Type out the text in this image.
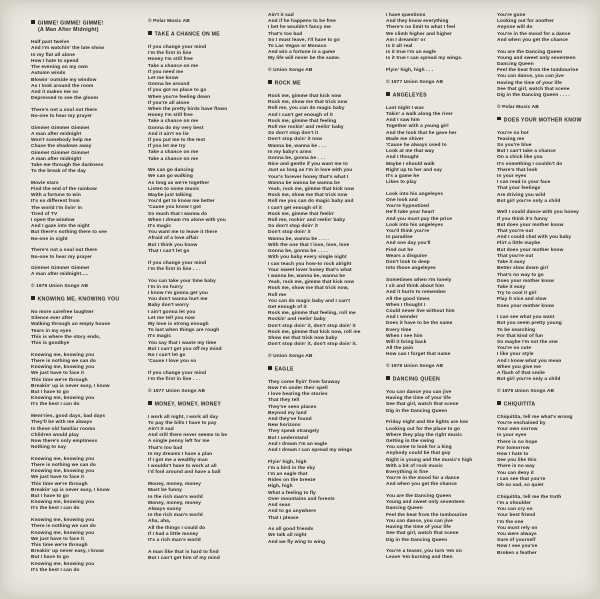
GIMME! GIMME! GIMME!
(A Man After Midnight)
Half past twelve
And I'm watchin' the late show
In my flat all alone
How I hate to spend
The evening on my own
Autumn winds
Blowin' outside my window
As I look around the room
And it makes me so
Depressed to see the gloom
There's not a soul out there
No-one to hear my prayer
Gimme! Gimme! Gimme!
A man after midnight
Won't somebody help me
Chase the shadows away
Gimme! Gimme! Gimme!
A man after midnight
Take me through the darkness
To the break of the day
Movie stars
Find the end of the rainbow
With a fortune to win
It's so different from
The world I'm livin' in
Tired of TV
I open the window
And I gaze into the night
But there's nothing there to see
No-one in sight
There's not a soul out there
No-one to hear my prayer
Gimme! Gimme! Gimme!
A man after midnight.....
© 1979 Union Songs AB
KNOWING ME, KNOWING YOU
No more carefree laughter
Silence ever after
Walking through an empty house
Tears in my eyes
This is where the story ends,
This is goodbye
Knowing me, knowing you
There is nothing we can do
Knowing me, knowing you
We just have to face it
This time we're through
Breakin' up is never easy, I know
But I have to go
Knowing me, knowing you
It's the best I can do
Mem'ries, good days, bad days
They'll be with me always
In these old familiar rooms
Children would play
Now there's only emptiness
Nothing to say
Knowing me, knowing you
There is nothing we can do
Knowing me, knowing you
We just have to face it
This time we're through
Breakin' up is never easy, I know
But I have to go
Knowing me, knowing you
It's the best I can do
Knowing me, knowing you
There is nothing we can do
Knowing me, knowing you
We just have to face it
This time we're through
Breakin' up never easy, I know
But I have to go
Knowing me, knowing you
It's the best I can do
© Polar Music AB
TAKE A CHANCE ON ME
If you change your mind
I'm the first in line
Honey I'm still free
Take a chance on me
If you need me
Let me know
Gonna be around
If you got no place to go
When you're feeling down
If you're all alone
When the pretty birds have flown
Honey I'm still free
Take a chance on me
Gonna do my very best
And it ain't no lie
If you put me to the test
If you let me try
Take a chance on me
Take a chance on me
We can go dancing
We can go walking
As long as we're together
Listen to some music
Maybe just talking
You'd get to know me better
'Cause you know I got
So much that I wanna do
When I dream I'm alone with you
It's magic
You want me to leave it there
Afraid of a love affair
But I think you know
That I can't let go
If you change your mind
I'm the first in line . . .
You can take your time baby
I'm in no hurry
I know I'm gonna get you
You don't wanna hurt me
Baby don't worry
I ain't gonna let you
Let me tell you now
My love is strong enough
To last when things are rough
It's magic
You say that I waste my time
But I can't get you off my mind
No I can't let go
'Cause I love you so
If you change your mind
I'm the first in line . . .
© 1977 Union Songs AB
MONEY, MONEY, MONEY
I work all night, I work all day
To pay the bills I have to pay
Ain't it sad
And still there never seems to be
A single penny left for me
That's too bad
In my dreams I have a plan
If I got me a wealthy man
I wouldn't have to work at all
I'd fool around and have a ball
Money, money, money
Must be funny
In the rich man's world
Money, money, money
Always sunny
In the rich man's world
Aha, aha,
All the things I could do
If I had a little money
It's a rich man's world
A man like that is hard to find
But I can't get him of my mind
Ain't it sad
And if he happens to be free
I bet he wouldn't fancy me
That's too bad
So I must leave, I'll have to go
To Las Vegas or Monaco
And win a fortune in a game
My life will never be the same.
© Union Songs AB
ROCK ME
Rock me, gimme that kick now
Rock me, show me that trick now
Roll me, you can do magic baby
And I can't get enough of it
Rock me, gimme that feeling
Roll me rockin' and reelin' baby
So don't stop don't it
Don't stop doin' it now
Wanna be, wanna be . . .
In my baby's arms
Gonna be, gonna be . . .
Nice and gentle if you want me to
Just as long as I'm in love with you
Your's forever honey that's what I
Wanna be wanna be wanna be
Yeah, rock me, gimme that kick now
Rock me, show me that trick now
Roll me you can do magic baby and
I can't get enough of it
Rock me, gimme that feelin'
Roll me, rockin' and reelin' baby
So don't stop doin' it
Don't stop doin' it
Wanna be, wanna be . . . .
With the one that I love, love, love
Gonna be, gonna be . . . .
With you baby every single night
I can teach you how-to rock alright
Your sweet lover honey that's what
I wanna be, wanna be, wanna be
Yeah, rock me, gimme that kick now
Rock me, show me that trick now,
Roll me
You can do magic baby and I can't
Get enough of it
Rock me, gimme that feeling, roll me
Rockin' and reelin' baby
Don't stop doin' it, don't stop doin' it
Rock me, gimme that kick now, roll me
Show me that trick now baby
Don't stop doin' it, don't stop doin' it.
© Union Songs AB
EAGLE
They come flyin' from faraway
Now I'm under their spell
I love hearing the stories
That they tell
They've seen places
Beyond my land
And they've found
New horizons
They speak strangely
But I understand
And I dream I'm an eagle
And I dream I can spread my wings
Flyin' high, high
I'm a bird in the sky
I'm an eagle that
Rides on the breeze
High, high
What a feeling to fly
Over mountains and forests
And seas
And to go anywhere
That I please
As all good friends
We talk all night
And we fly wing to wing
I have questions
And they know everything
There's no limit to what I feel
We climb higher and higher
Am I dreamin' or
Is it all real
Is it true I'm an eagle
Is it true I can spread my wings.
Flyin' high, high . . .
© 1977 Union Songs AB
ANGELEYES
Last night I was
Takin' a walk along the river
And I saw him
Together with a young girl
And the look that he gave her
Made me shiver
'Cause he always used to
Look at me that way
And I thought
Maybe I should walk
Right up to her and say
It's a game he
Likes to play
Look into his angeleyes
One look and
You're hypnotized
He'll take your heart
And you must pay the price
Look into his angeleyes
You'll think you're
In paradise
And one day you'll
Find out he
Wears a disguise
Don't look to deep
Into those angeleyes
Sometimes when I'm lonely
I sit and think about him
And it hurts to remember
All the good times
When I thought I
Could never live without him
And I wonder
Does it have to be the same
Every time
When I see him
Will it bring back
All the pain
How can I forget that name
© 1979 Union Songs AB
DANCING QUEEN
You can dance you can jive
Having the time of your life
See that girl, watch that scene
Dig in the Dancing Queen
Friday night and the lights are low
Looking out for the place to go
Where they play the right music
Getting in the swing
You come to look for a king
Anybody could be that guy
Night is young and the music's high
With a bit of rock music
Everything is fine
You're in the mood for a dance
And when you get the chance
You are the Dancing Queen
Young and sweet only seventeen
Dancing Queen
Feel the beat from the tambourine
You can dance, you can jive
Having the time of your life
See that girl, watch that scene
Dig in the Dancing Queen
You're a teaser, you turn 'em on
Leave 'em burning and then
You're gone
Looking out for another
Anyone will do
You're in the mood for a dance
And when you get the chance
You are the Dancing Queen
Young and sweet only seventeen
Dancing Queen
Feel the beat from the tambourine
You can dance, you can jive
Having the time of your life
See that girl, watch that scene
Dig in the Dancing Queen . . . .
© Polar Music AB
DOES YOUR MOTHER KNOW
You're so hot
Teasing me
So you're blue
But I can't take a chance
On a chick like you
It's something I couldn't do
There's that look
In your eyes
I can read in your face
That your feelings
Are driving you wild
But girl you're only a child
Well I could dance with you honey
If you think it's funny
But does your mother know
That you're out
And I could chat with you baby
Flirt a little maybe
But does your mother know
That you're out
Take it easy
Better slow down girl
That's no way to go
Does your mother know
Take it easy
Try to cool it girl
Play it nice and slow
Does your mother know
I can see what you want
But you seem pretty young
To be searching
For that kind of fun
So maybe I'm not the one
You're so cute
I like your style
And I know what you mean
When you give me
A flash of that smile
But girl you're only a child
© 1979 Union Songs AB
CHIQUITITA
Chiquitita, tell me what's wrong
You're enchained by
Your own sorrow
In your eyes
There is no hope
For tomorrow
How I hate to
See you like this
There is no way
You can deny it
I can see that you're
Oh so sad, so quiet
Chiquitita, tell me the truth
I'm a shoulder
You can cry on
Your best friend
I'm the one
You must rely on
You were always
Sure of yourself
Now I see you've
Broken a feather
